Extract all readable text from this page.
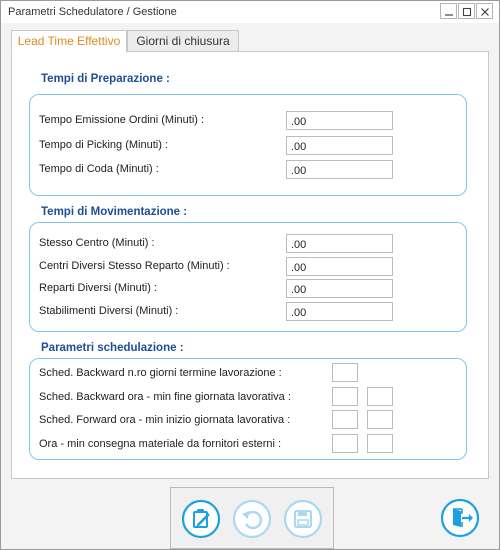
Parametri Schedulatore / Gestione
Lead Time Effettivo	Giorni di chiusura
Tempi di Preparazione :
Tempo Emissione Ordini (Minuti) :
.00
Tempo di Picking (Minuti) :
.00
Tempo di Coda (Minuti) :
.00
Tempi di Movimentazione :
Stesso Centro (Minuti) :
.00
Centri Diversi Stesso Reparto (Minuti) :
.00
Reparti Diversi (Minuti) :
.00
Stabilimenti Diversi (Minuti) :
.00
Parametri schedulazione :
Sched. Backward n.ro giorni termine lavorazione :
Sched. Backward ora - min fine giornata lavorativa :
Sched. Forward ora - min inizio giornata lavorativa :
Ora - min consegna materiale da fornitori esterni :
